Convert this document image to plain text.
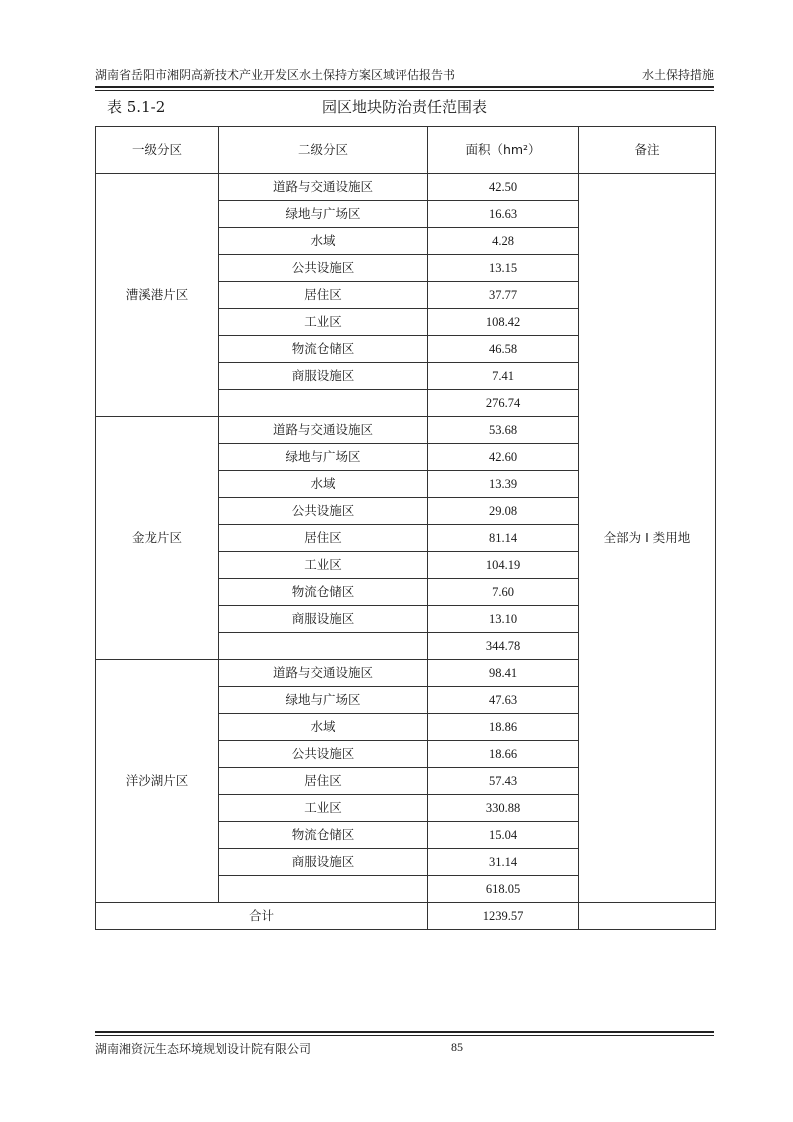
湖南省岳阳市湘阴高新技术产业开发区水土保持方案区域评估报告书	水土保持措施
园区地块防治责任范围表
表 5.1-2
一级分区	二级分区	面积（hm²）	备注
漕溪港片区	道路与交通设施区	42.50	全部为 I 类用地
	绿地与广场区	16.63	
	水域	4.28	
	公共设施区	13.15	
	居住区	37.77	
	工业区	108.42	
	物流仓储区	46.58	
	商服设施区	7.41	
		276.74	
金龙片区	道路与交通设施区	53.68	
	绿地与广场区	42.60	
	水域	13.39	
	公共设施区	29.08	
	居住区	81.14	
	工业区	104.19	
	物流仓储区	7.60	
	商服设施区	13.10	
		344.78	
洋沙湖片区	道路与交通设施区	98.41	
	绿地与广场区	47.63	
	水域	18.86	
	公共设施区	18.66	
	居住区	57.43	
	工业区	330.88	
	物流仓储区	15.04	
	商服设施区	31.14	
		618.05	
合计		1239.57	
湖南湘资沅生态环境规划设计院有限公司	85
